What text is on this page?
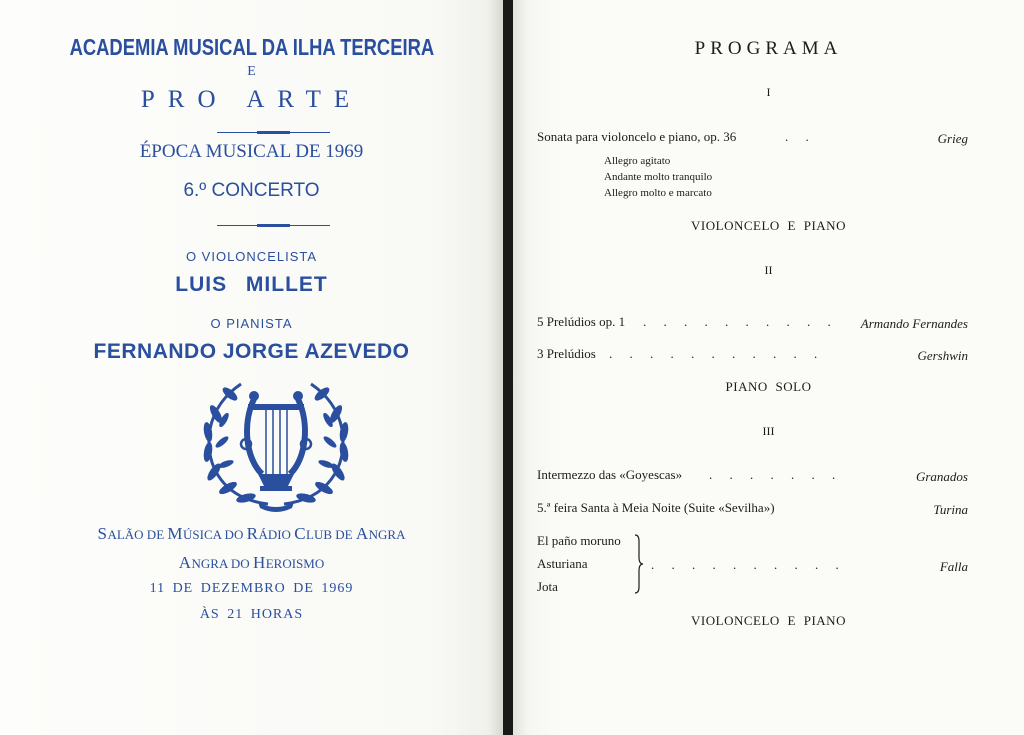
ACADEMIA MUSICAL DA ILHA TERCEIRA
E
PRO ARTE
ÉPOCA MUSICAL DE 1969
6.º CONCERTO
O VIOLONCELISTA
LUIS MILLET
O PIANISTA
FERNANDO JORGE AZEVEDO
SALÃO DE MÚSICA DO RÁDIO CLUB DE ANGRA
ANGRA DO HEROISMO
11 DE DEZEMBRO DE 1969
ÀS 21 HORAS
PROGRAMA
I
Sonata para violoncelo e piano, op. 36	. .	Grieg
Allegro agitato
Andante molto tranquilo
Allegro molto e marcato
VIOLONCELO E PIANO
II
5 Prelúdios op. 1 . . . . . . . . . . Armando Fernandes
3 Prelúdios . . . . . . . . . . .	Gershwin
PIANO SOLO
III
Intermezzo das «Goyescas» . . . . . . .	Granados
5.ª feira Santa à Meia Noite (Suite «Sevilha»)	Turina
El paño moruno
Asturiana
Jota
. . . . . . . . . .	Falla
VIOLONCELO E PIANO
